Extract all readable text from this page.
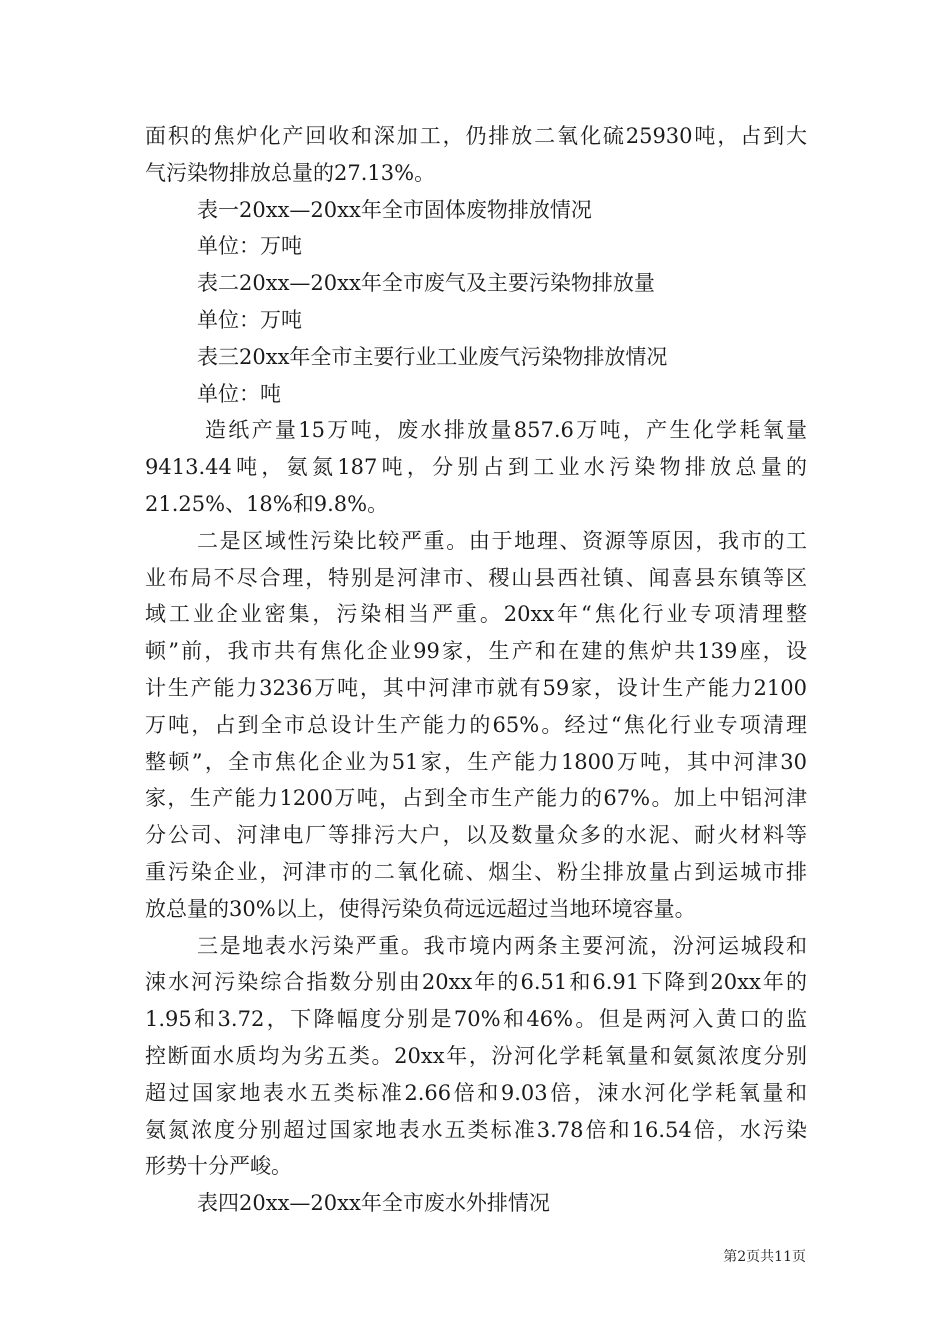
面积的焦炉化产回收和深加工，仍排放二氧化硫25930吨，占到大
气污染物排放总量的27.13%。
表一20xx—20xx年全市固体废物排放情况
单位：万吨
表二20xx—20xx年全市废气及主要污染物排放量
单位：万吨
表三20xx年全市主要行业工业废气污染物排放情况
单位：吨
造纸产量15万吨，废水排放量857.6万吨，产生化学耗氧量
9413.44吨，氨氮187吨，分别占到工业水污染物排放总量的
21.25%、18%和9.8%。
二是区域性污染比较严重。由于地理、资源等原因，我市的工
业布局不尽合理，特别是河津市、稷山县西社镇、闻喜县东镇等区
域工业企业密集，污染相当严重。20xx年“焦化行业专项清理整
顿”前，我市共有焦化企业99家，生产和在建的焦炉共139座，设
计生产能力3236万吨，其中河津市就有59家，设计生产能力2100
万吨，占到全市总设计生产能力的65%。经过“焦化行业专项清理
整顿”，全市焦化企业为51家，生产能力1800万吨，其中河津30
家，生产能力1200万吨，占到全市生产能力的67%。加上中铝河津
分公司、河津电厂等排污大户，以及数量众多的水泥、耐火材料等
重污染企业，河津市的二氧化硫、烟尘、粉尘排放量占到运城市排
放总量的30%以上，使得污染负荷远远超过当地环境容量。
三是地表水污染严重。我市境内两条主要河流，汾河运城段和
涑水河污染综合指数分别由20xx年的6.51和6.91下降到20xx年的
1.95和3.72，下降幅度分别是70%和46%。但是两河入黄口的监
控断面水质均为劣五类。20xx年，汾河化学耗氧量和氨氮浓度分别
超过国家地表水五类标准2.66倍和9.03倍，涑水河化学耗氧量和
氨氮浓度分别超过国家地表水五类标准3.78倍和16.54倍，水污染
形势十分严峻。
表四20xx—20xx年全市废水外排情况
第2页共11页
